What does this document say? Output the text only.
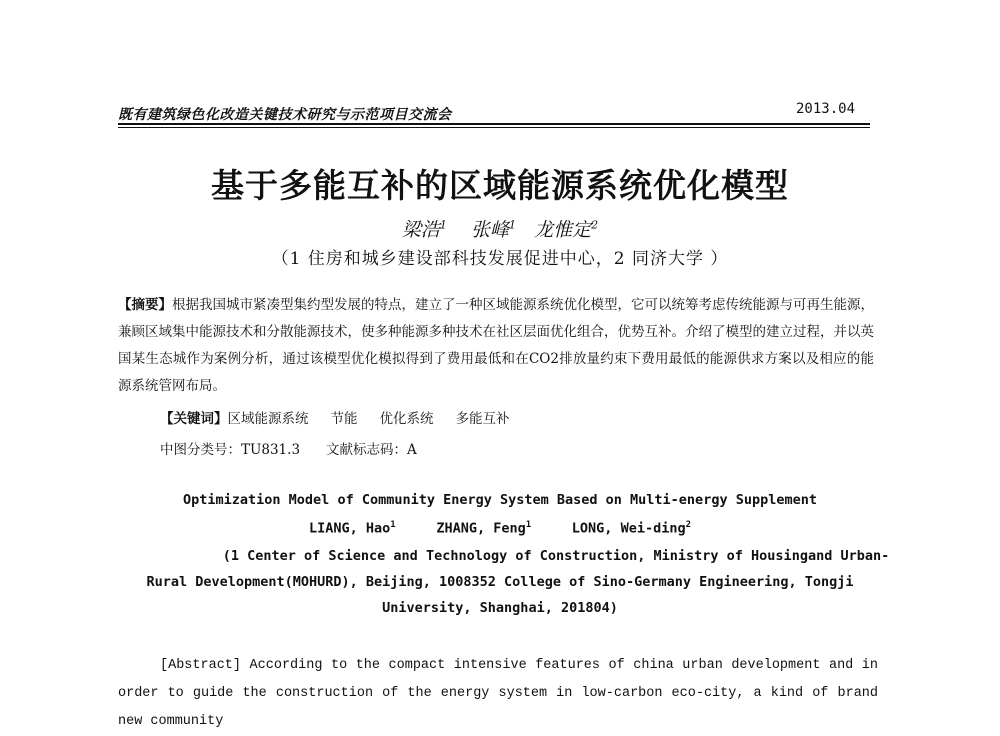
既有建筑绿色化改造关键技术研究与示范项目交流会	2013.04
基于多能互补的区域能源系统优化模型
梁浩$^1$ 张峰$^1$ 龙惟定$^2$
（1 住房和城乡建设部科技发展促进中心，2 同济大学 ）
【摘要】根据我国城市紧凑型集约型发展的特点，建立了一种区域能源系统优化模型，它可以统筹考虑传统能源与可再生能源，兼顾区域集中能源技术和分散能源技术，使多种能源多种技术在社区层面优化组合，优势互补。介绍了模型的建立过程，并以英国某生态城作为案例分析，通过该模型优化模拟得到了费用最低和在CO2排放量约束下费用最低的能源供求方案以及相应的能源系统管网布局。
【关键词】区域能源系统 节能 优化系统 多能互补
中图分类号：TU831.3 文献标志码：A
Optimization Model of Community Energy System Based on Multi-energy Supplement
LIANG, Hao$^1$	ZHANG, Feng$^1$	LONG, Wei-ding$^2$
(1 Center of Science and Technology of Construction, Ministry of Housingand Urban-
Rural Development(MOHURD), Beijing, 1008352 College of Sino-Germany Engineering, Tongji
University, Shanghai, 201804)
[Abstract] According to the compact intensive features of china urban development and in order to guide the construction of the energy system in low-carbon eco-city, a kind of brand new community
